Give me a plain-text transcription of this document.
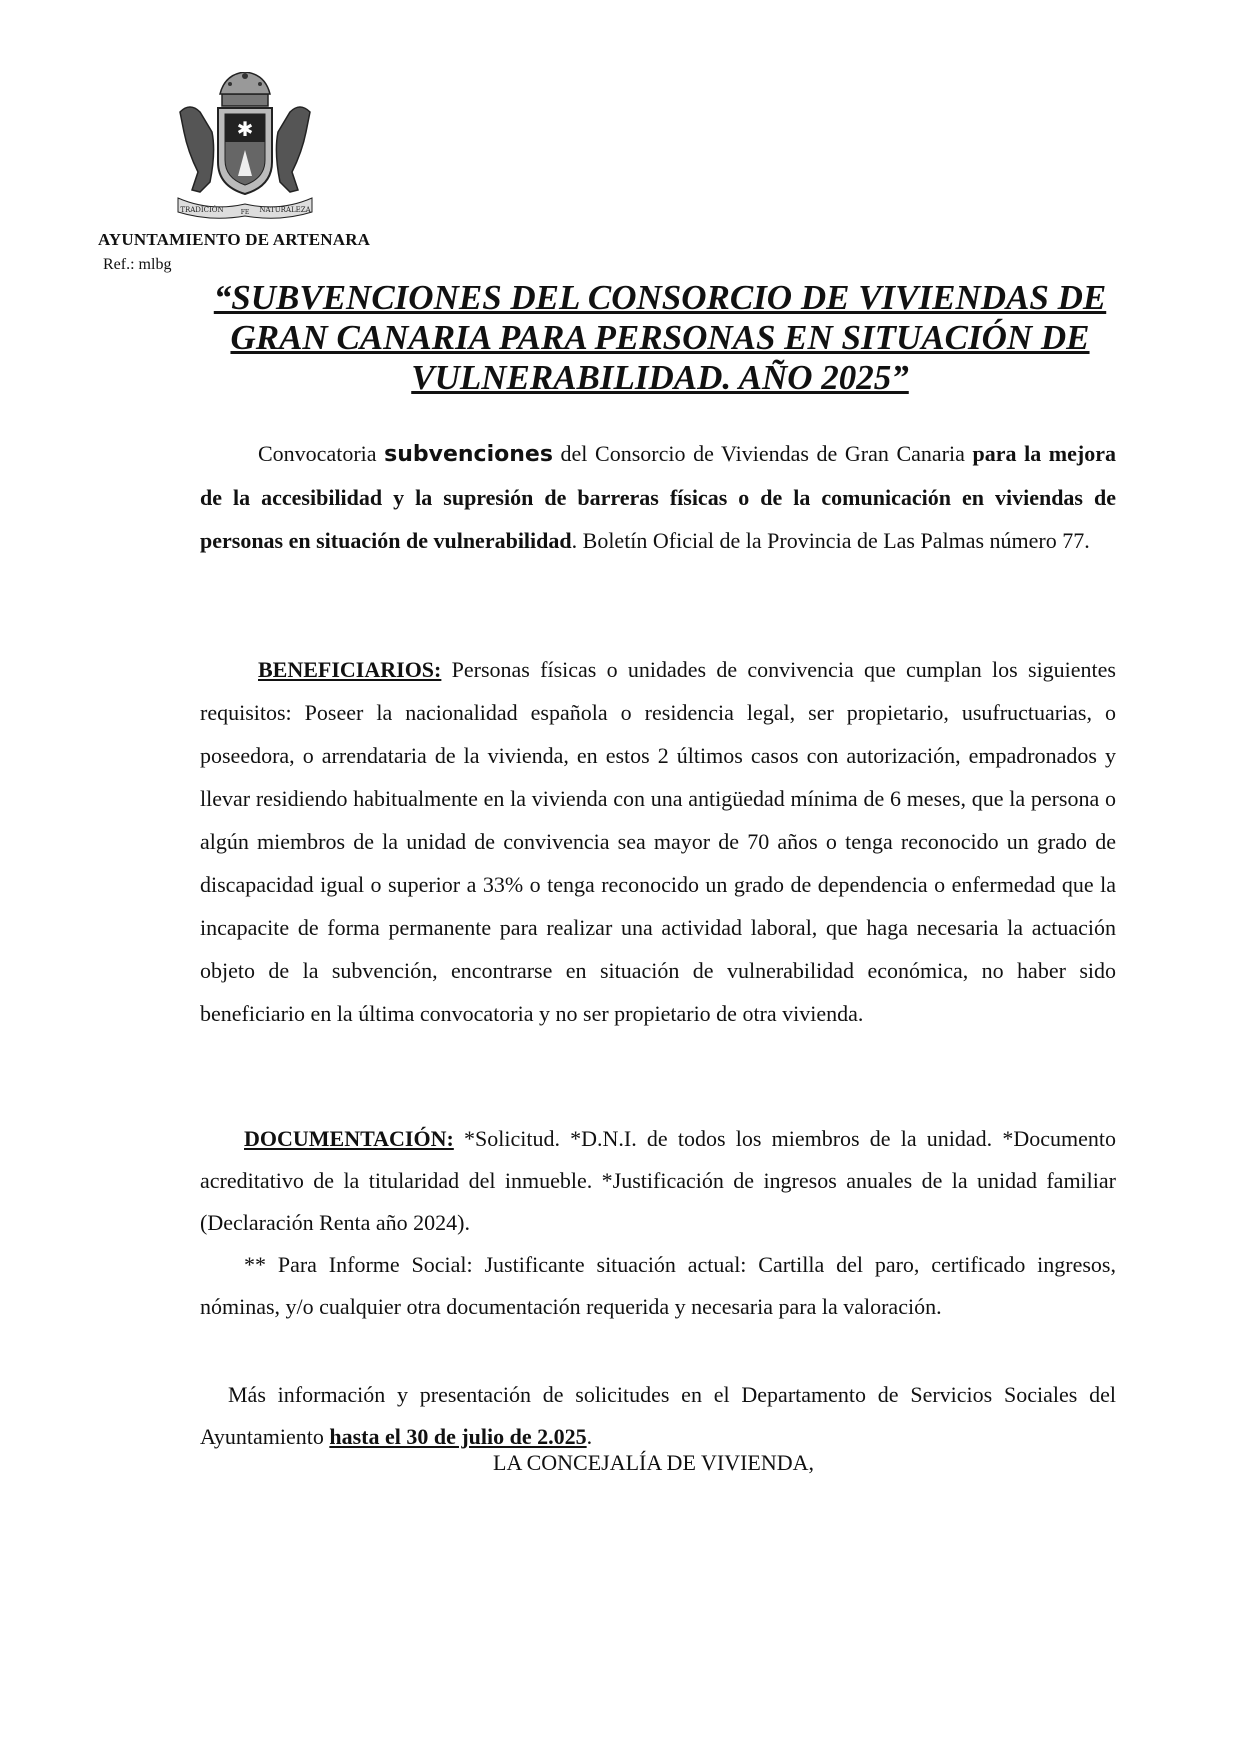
✱
TRADICIÓN	FE NATURALEZA
AYUNTAMIENTO DE ARTENARA
Ref.: mlbg
“SUBVENCIONES DEL CONSORCIO DE VIVIENDAS DE GRAN CANARIA PARA PERSONAS EN SITUACIÓN DE VULNERABILIDAD. AÑO 2025”
Convocatoria subvenciones del Consorcio de Viviendas de Gran Canaria para la mejora de la accesibilidad y la supresión de barreras físicas o de la comunicación en viviendas de personas en situación de vulnerabilidad. Boletín Oficial de la Provincia de Las Palmas número 77.
BENEFICIARIOS: Personas físicas o unidades de convivencia que cumplan los siguientes requisitos: Poseer la nacionalidad española o residencia legal, ser propietario, usufructuarias, o poseedora, o arrendataria de la vivienda, en estos 2 últimos casos con autorización, empadronados y llevar residiendo habitualmente en la vivienda con una antigüedad mínima de 6 meses, que la persona o algún miembros de la unidad de convivencia sea mayor de 70 años o tenga reconocido un grado de discapacidad igual o superior a 33% o tenga reconocido un grado de dependencia o enfermedad que la incapacite de forma permanente para realizar una actividad laboral, que haga necesaria la actuación objeto de la subvención, encontrarse en situación de vulnerabilidad económica, no haber sido beneficiario en la última convocatoria y no ser propietario de otra vivienda.
DOCUMENTACIÓN: *Solicitud. *D.N.I. de todos los miembros de la unidad. *Documento acreditativo de la titularidad del inmueble. *Justificación de ingresos anuales de la unidad familiar (Declaración Renta año 2024).
** Para Informe Social: Justificante situación actual: Cartilla del paro, certificado ingresos, nóminas, y/o cualquier otra documentación requerida y necesaria para la valoración.
Más información y presentación de solicitudes en el Departamento de Servicios Sociales del Ayuntamiento hasta el 30 de julio de 2.025.
LA CONCEJALÍA DE VIVIENDA,
